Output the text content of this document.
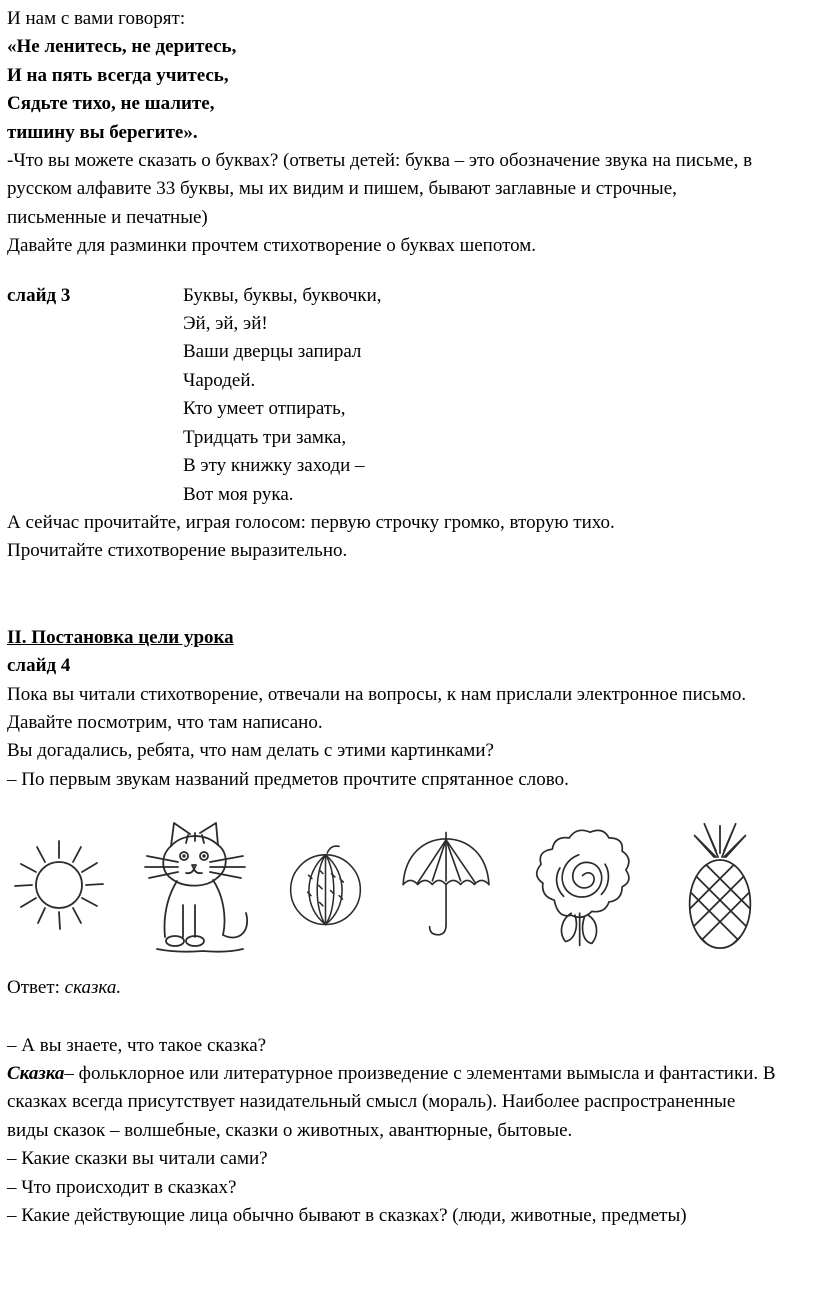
И нам с вами говорят:

«Не ленитесь, не деритесь,

И на пять всегда учитесь,

Сядьте тихо, не шалите,

тишину вы берегите».

-Что вы можете сказать о буквах? (ответы детей: буква – это обозначение звука на письме, в русском алфавите 33 буквы, мы их видим и пишем, бывают заглавные и строчные, письменные и печатные)

Давайте для разминки прочтем стихотворение о буквах шепотом.

слайд 3	Буквы, буквы, буквочки,

Эй, эй, эй!

Ваши дверцы запирал

Чародей.

Кто умеет отпирать,

Тридцать три замка,

В эту книжку заходи –

Вот моя рука.

А сейчас прочитайте, играя голосом: первую строчку громко, вторую тихо.

Прочитайте стихотворение выразительно.

II. Постановка цели урока

слайд 4

Пока вы читали стихотворение, отвечали на вопросы, к нам прислали электронное письмо. Давайте посмотрим, что там написано.

Вы догадались, ребята, что нам делать с этими картинками?

– По первым звукам названий предметов прочтите спрятанное слово.

Ответ: сказка.

– А вы знаете, что такое сказка?

Сказка– фольклорное или литературное произведение с элементами вымысла и фантастики. В сказках всегда присутствует назидательный смысл (мораль). Наиболее распространенные виды сказок – волшебные, сказки о животных, авантюрные, бытовые.

– Какие сказки вы читали сами?

– Что происходит в сказках?

– Какие действующие лица обычно бывают в сказках? (люди, животные, предметы)
